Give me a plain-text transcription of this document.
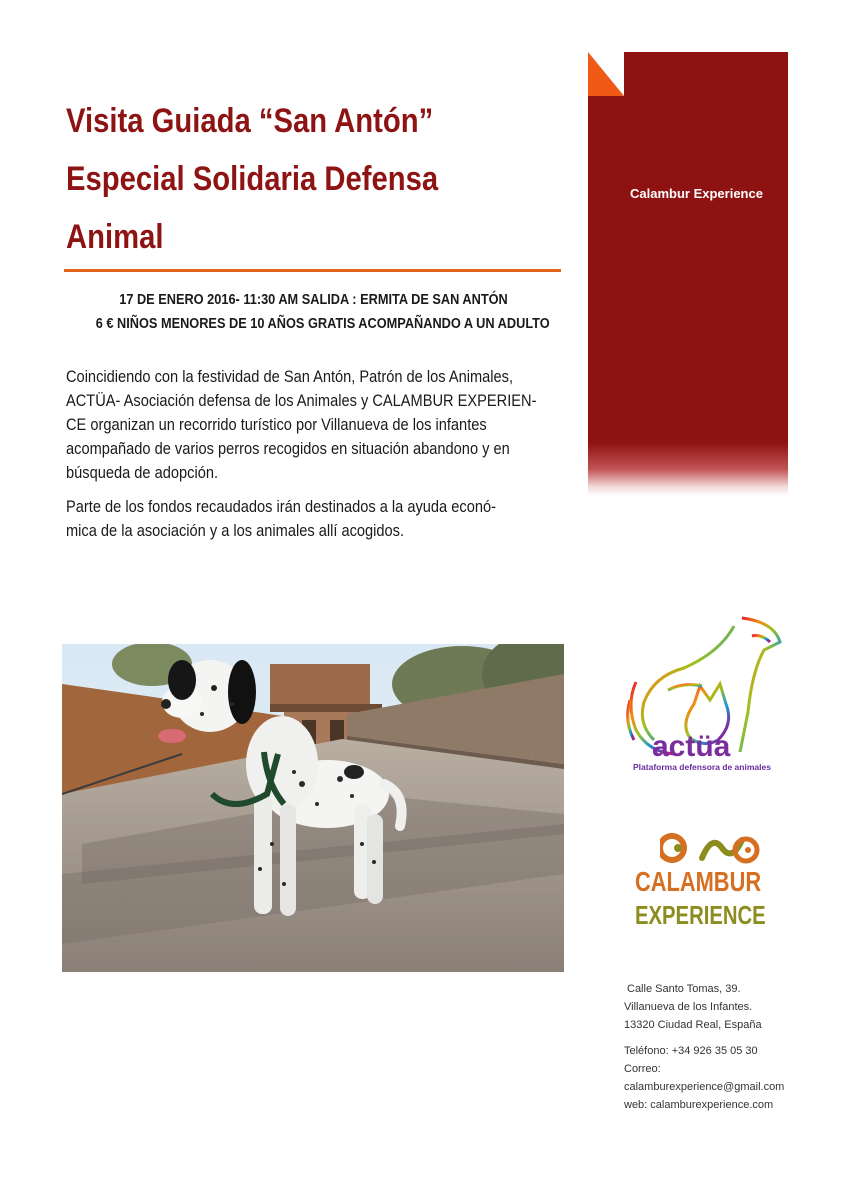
Visita Guiada “San Antón”
Especial Solidaria Defensa
Animal
17 DE ENERO 2016- 11:30 AM SALIDA : ERMITA DE SAN ANTÓN
6 € NIÑOS MENORES DE 10 AÑOS GRATIS ACOMPAÑANDO A UN ADULTO

Coincidiendo con la festividad de San Antón, Patrón de los Animales,
ACTÜA- Asociación defensa de los Animales y CALAMBUR EXPERIEN-
CE organizan un recorrido turístico por Villanueva de los infantes
acompañado de varios perros recogidos en situación abandono y en
búsqueda de adopción.

Parte de los fondos recaudados irán destinados a la ayuda econó-
mica de la asociación y a los animales allí acogidos.

Calambur Experience
actüa
Plataforma defensora de animales
CALAMBUR
EXPERIENCE
Calle Santo Tomas, 39.
Villanueva de los Infantes.
13320 Ciudad Real, España
Teléfono: +34 926 35 05 30
Correo:
calamburexperience@gmail.com
web: calamburexperience.com
